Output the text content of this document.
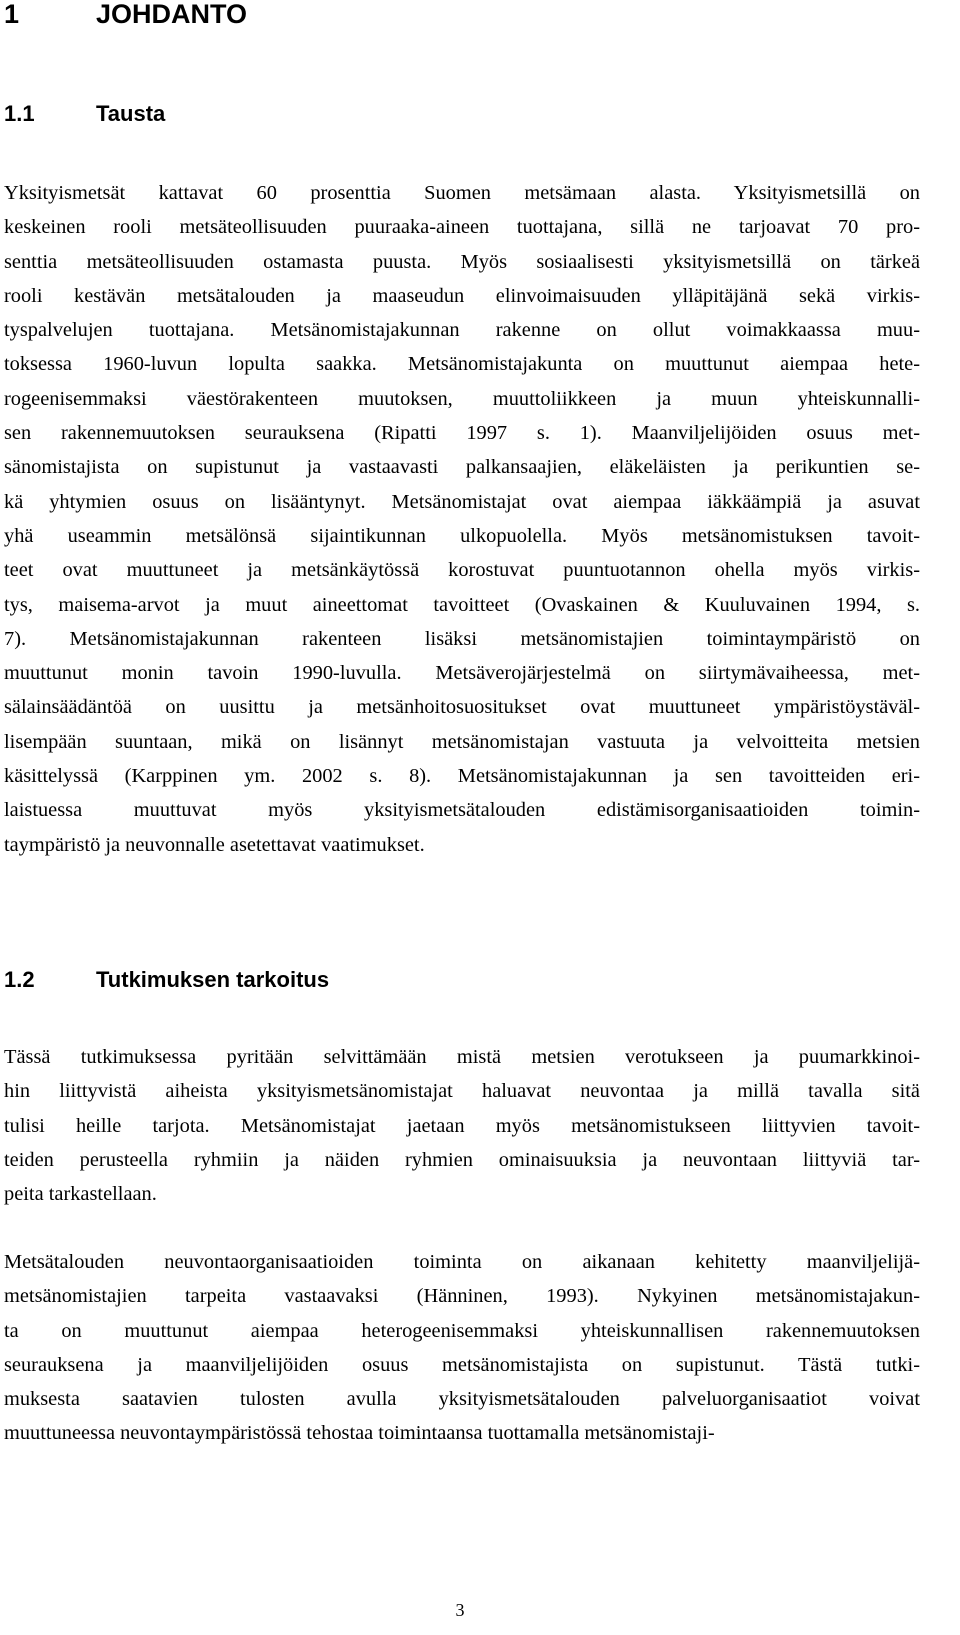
1	JOHDANTO
1.1	Tausta
Yksityismetsät kattavat 60 prosenttia Suomen metsämaan alasta. Yksityismetsillä on
keskeinen rooli metsäteollisuuden puuraaka-aineen tuottajana, sillä ne tarjoavat 70 pro-
senttia metsäteollisuuden ostamasta puusta. Myös sosiaalisesti yksityismetsillä on tärkeä
rooli kestävän metsätalouden ja maaseudun elinvoimaisuuden ylläpitäjänä sekä virkis-
tyspalvelujen tuottajana. Metsänomistajakunnan rakenne on ollut voimakkaassa muu-
toksessa 1960-luvun lopulta saakka. Metsänomistajakunta on muuttunut aiempaa hete-
rogeenisemmaksi väestörakenteen muutoksen, muuttoliikkeen ja muun yhteiskunnalli-
sen rakennemuutoksen seurauksena (Ripatti 1997 s. 1). Maanviljelijöiden osuus met-
sänomistajista on supistunut ja vastaavasti palkansaajien, eläkeläisten ja perikuntien se-
kä yhtymien osuus on lisääntynyt. Metsänomistajat ovat aiempaa iäkkäämpiä ja asuvat
yhä useammin metsälönsä sijaintikunnan ulkopuolella. Myös metsänomistuksen tavoit-
teet ovat muuttuneet ja metsänkäytössä korostuvat puuntuotannon ohella myös virkis-
tys, maisema-arvot ja muut aineettomat tavoitteet (Ovaskainen & Kuuluvainen 1994, s.
7). Metsänomistajakunnan rakenteen lisäksi metsänomistajien toimintaympäristö on
muuttunut monin tavoin 1990-luvulla. Metsäverojärjestelmä on siirtymävaiheessa, met-
sälainsäädäntöä on uusittu ja metsänhoitosuositukset ovat muuttuneet ympäristöystäväl-
lisempään suuntaan, mikä on lisännyt metsänomistajan vastuuta ja velvoitteita metsien
käsittelyssä (Karppinen ym. 2002 s. 8). Metsänomistajakunnan ja sen tavoitteiden eri-
laistuessa muuttuvat myös yksityismetsätalouden edistämisorganisaatioiden toimin-
taympäristö ja neuvonnalle asetettavat vaatimukset.
1.2	Tutkimuksen tarkoitus
Tässä tutkimuksessa pyritään selvittämään mistä metsien verotukseen ja puumarkkinoi-
hin liittyvistä aiheista yksityismetsänomistajat haluavat neuvontaa ja millä tavalla sitä
tulisi heille tarjota. Metsänomistajat jaetaan myös metsänomistukseen liittyvien tavoit-
teiden perusteella ryhmiin ja näiden ryhmien ominaisuuksia ja neuvontaan liittyviä tar-
peita tarkastellaan.
Metsätalouden neuvontaorganisaatioiden toiminta on aikanaan kehitetty maanviljelijä-
metsänomistajien tarpeita vastaavaksi (Hänninen, 1993). Nykyinen metsänomistajakun-
ta on muuttunut aiempaa heterogeenisemmaksi yhteiskunnallisen rakennemuutoksen
seurauksena ja maanviljelijöiden osuus metsänomistajista on supistunut. Tästä tutki-
muksesta saatavien tulosten avulla yksityismetsätalouden palveluorganisaatiot voivat
muuttuneessa neuvontaympäristössä tehostaa toimintaansa tuottamalla metsänomistaji-
3
